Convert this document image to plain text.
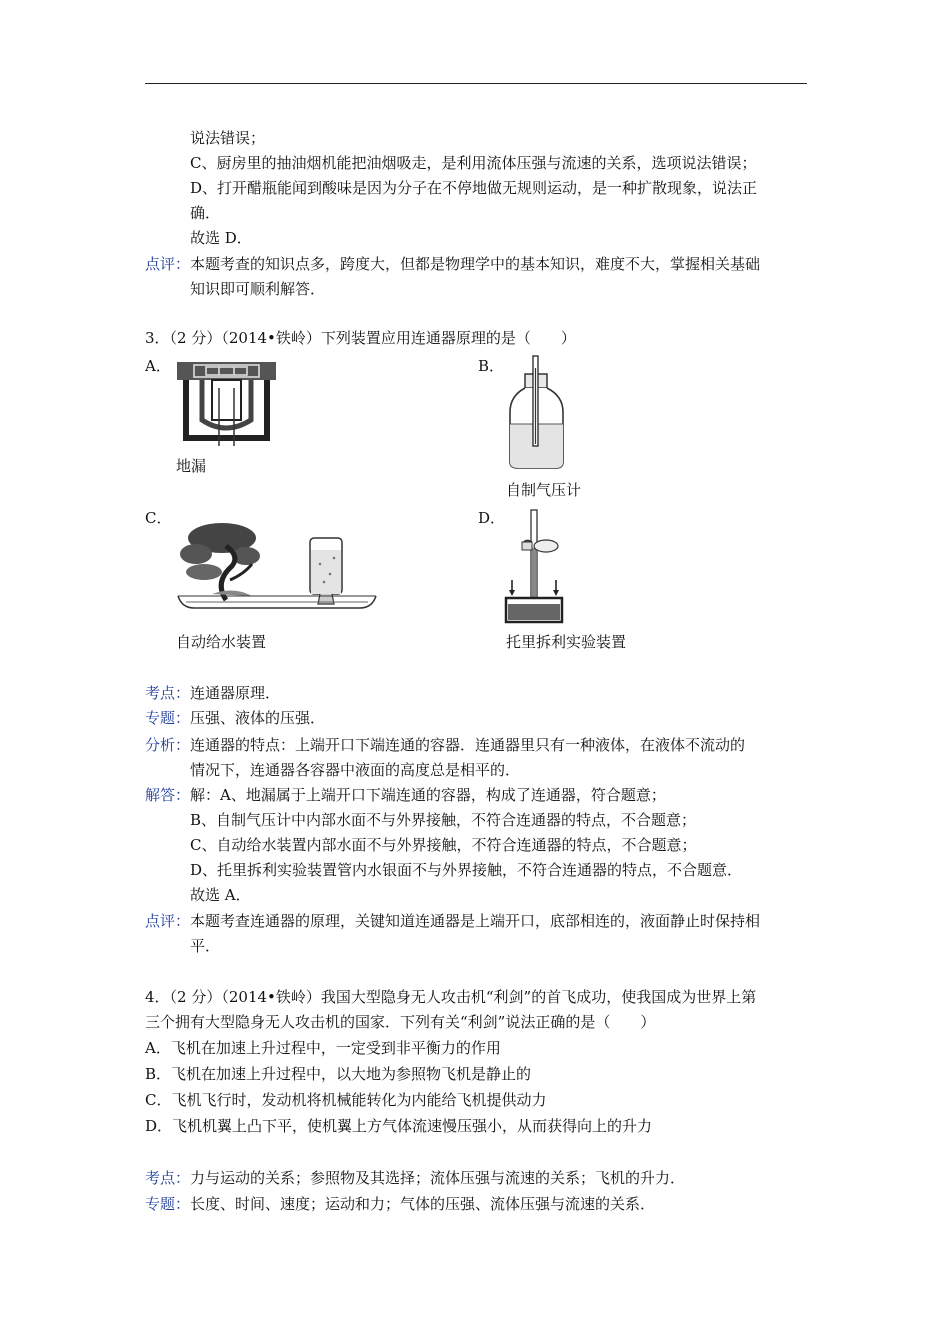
说法错误；
C、厨房里的抽油烟机能把油烟吸走，是利用流体压强与流速的关系，选项说法错误；
D、打开醋瓶能闻到酸味是因为分子在不停地做无规则运动，是一种扩散现象，说法正
确．
故选 D．
点评： 本题考查的知识点多，跨度大，但都是物理学中的基本知识，难度不大，掌握相关基础
知识即可顺利解答．
3．（2 分）（2014•铁岭）下列装置应用连通器原理的是（　　）
A．	B．
C．	D．
地漏
自制气压计
自动给水装置	托里拆利实验装置
考点： 连通器原理．
专题： 压强、液体的压强．
分析： 连通器的特点：上端开口下端连通的容器．连通器里只有一种液体，在液体不流动的
情况下，连通器各容器中液面的高度总是相平的．
解答： 解：A、地漏属于上端开口下端连通的容器，构成了连通器，符合题意；
B、自制气压计中内部水面不与外界接触，不符合连通器的特点，不合题意；
C、自动给水装置内部水面不与外界接触，不符合连通器的特点，不合题意；
D、托里拆利实验装置管内水银面不与外界接触，不符合连通器的特点，不合题意．
故选 A．
点评： 本题考查连通器的原理，关键知道连通器是上端开口，底部相连的，液面静止时保持相
平．
4．（2 分）（2014•铁岭）我国大型隐身无人攻击机“利剑”的首飞成功，使我国成为世界上第
三个拥有大型隐身无人攻击机的国家．下列有关“利剑”说法正确的是（　　）
A．飞机在加速上升过程中，一定受到非平衡力的作用
B．飞机在加速上升过程中，以大地为参照物飞机是静止的
C．飞机飞行时，发动机将机械能转化为内能给飞机提供动力
D．飞机机翼上凸下平，使机翼上方气体流速慢压强小，从而获得向上的升力
考点： 力与运动的关系；参照物及其选择；流体压强与流速的关系；飞机的升力．
专题： 长度、时间、速度；运动和力；气体的压强、流体压强与流速的关系．
